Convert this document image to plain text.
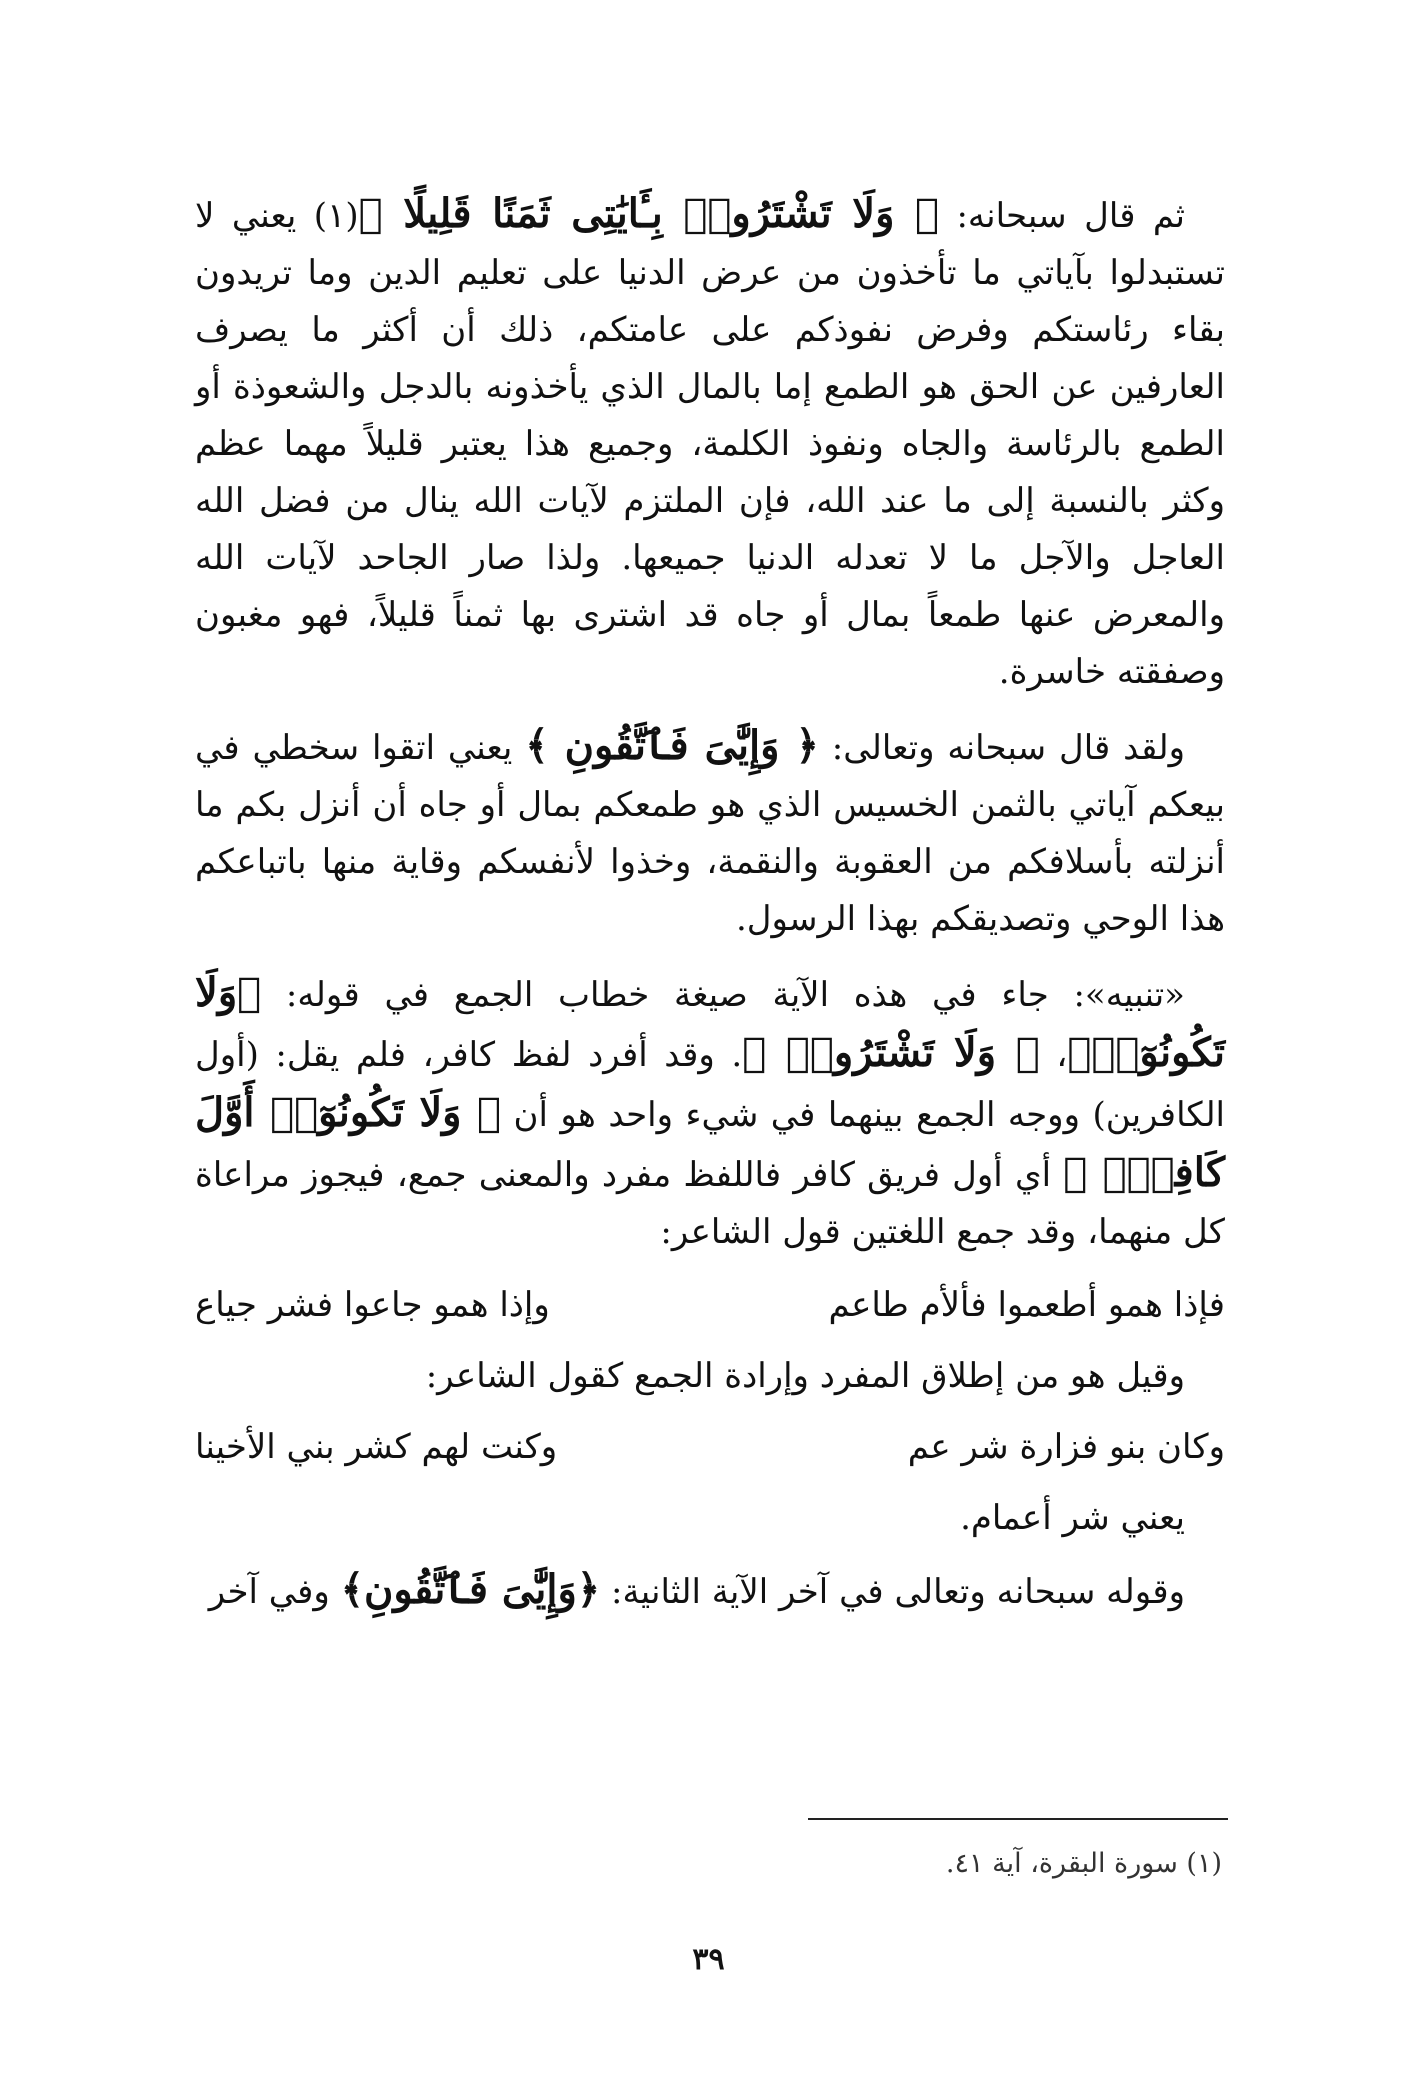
ثم قال سبحانه: ﴿ وَلَا تَشْتَرُوا۟ بِـَٔايَٰتِى ثَمَنًا قَلِيلًا ﴾(١) يعني لا تستبدلوا بآياتي ما تأخذون من عرض الدنيا على تعليم الدين وما تريدون بقاء رئاستكم وفرض نفوذكم على عامتكم، ذلك أن أكثر ما يصرف العارفين عن الحق هو الطمع إما بالمال الذي يأخذونه بالدجل والشعوذة أو الطمع بالرئاسة والجاه ونفوذ الكلمة، وجميع هذا يعتبر قليلاً مهما عظم وكثر بالنسبة إلى ما عند الله، فإن الملتزم لآيات الله ينال من فضل الله العاجل والآجل ما لا تعدله الدنيا جميعها. ولذا صار الجاحد لآيات الله والمعرض عنها طمعاً بمال أو جاه قد اشترى بها ثمناً قليلاً، فهو مغبون وصفقته خاسرة.

ولقد قال سبحانه وتعالى: ﴿ وَإِيَّٰىَ فَٱتَّقُونِ ﴾ يعني اتقوا سخطي في بيعكم آياتي بالثمن الخسيس الذي هو طمعكم بمال أو جاه أن أنزل بكم ما أنزلته بأسلافكم من العقوبة والنقمة، وخذوا لأنفسكم وقاية منها باتباعكم هذا الوحي وتصديقكم بهذا الرسول.

«تنبيه»: جاء في هذه الآية صيغة خطاب الجمع في قوله: ﴿وَلَا تَكُونُوٓا۟﴾، ﴿ وَلَا تَشْتَرُوا۟ ﴾. وقد أفرد لفظ كافر، فلم يقل: (أول الكافرين) ووجه الجمع بينهما في شيء واحد هو أن ﴿ وَلَا تَكُونُوٓا۟ أَوَّلَ كَافِرٍۭ ﴾ أي أول فريق كافر فاللفظ مفرد والمعنى جمع، فيجوز مراعاة كل منهما، وقد جمع اللغتين قول الشاعر:

فإذا همو أطعموا فألأم طاعم
وإذا همو جاعوا فشر جياع

وقيل هو من إطلاق المفرد وإرادة الجمع كقول الشاعر:

وكان بنو فزارة شر عم
وكنت لهم كشر بني الأخينا

يعني شر أعمام.

وقوله سبحانه وتعالى في آخر الآية الثانية: ﴿وَإِيَّٰىَ فَٱتَّقُونِ﴾ وفي آخر

(١) سورة البقرة، آية ٤١.
٣٩
